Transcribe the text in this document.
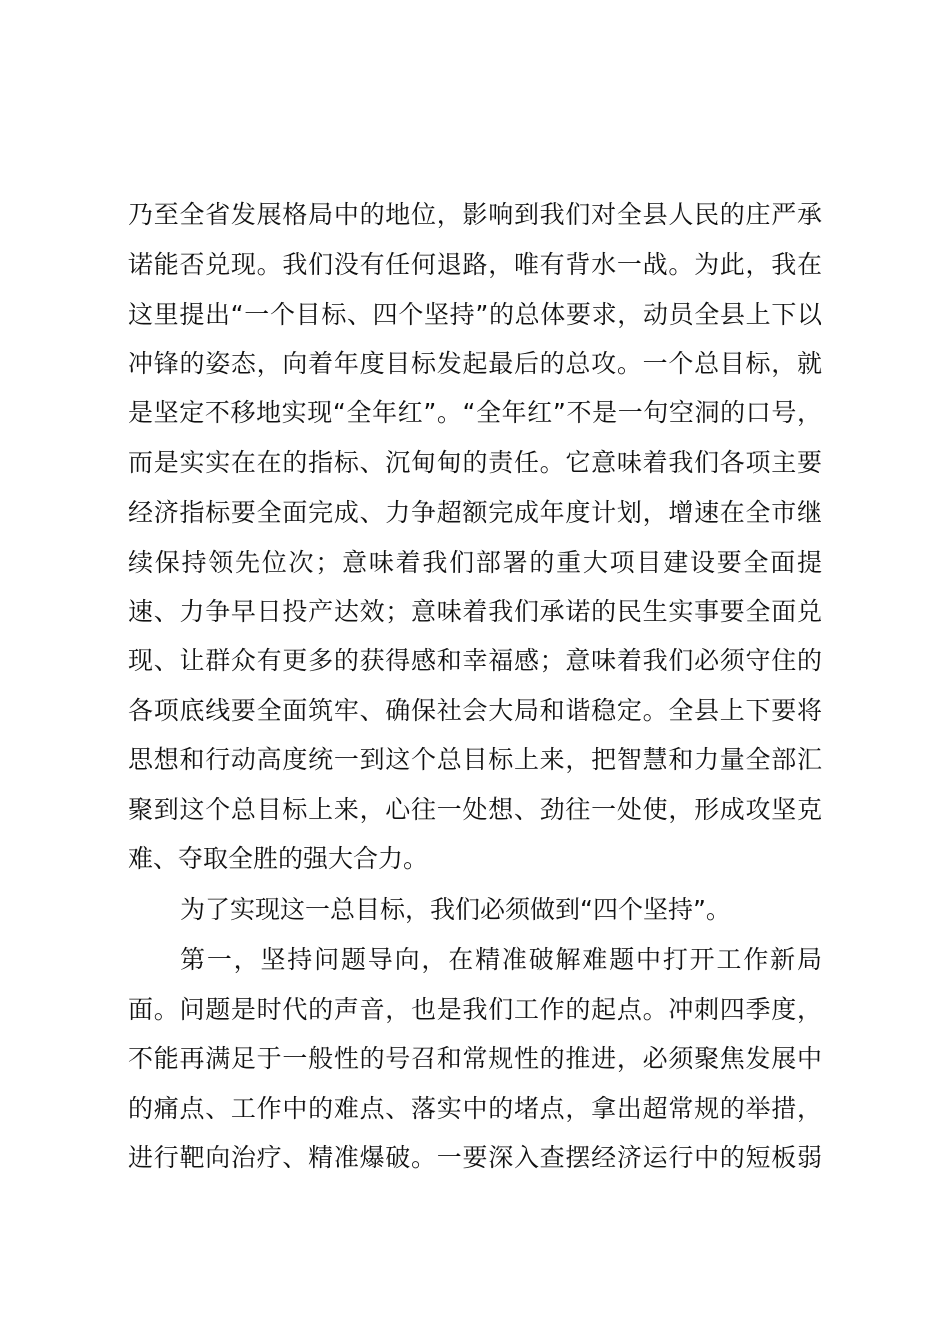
乃至全省发展格局中的地位，影响到我们对全县人民的庄严承
诺能否兑现。我们没有任何退路，唯有背水一战。为此，我在
这里提出“一个目标、四个坚持”的总体要求，动员全县上下以
冲锋的姿态，向着年度目标发起最后的总攻。一个总目标，就
是坚定不移地实现“全年红”。“全年红”不是一句空洞的口号，
而是实实在在的指标、沉甸甸的责任。它意味着我们各项主要
经济指标要全面完成、力争超额完成年度计划，增速在全市继
续保持领先位次；意味着我们部署的重大项目建设要全面提
速、力争早日投产达效；意味着我们承诺的民生实事要全面兑
现、让群众有更多的获得感和幸福感；意味着我们必须守住的
各项底线要全面筑牢、确保社会大局和谐稳定。全县上下要将
思想和行动高度统一到这个总目标上来，把智慧和力量全部汇
聚到这个总目标上来，心往一处想、劲往一处使，形成攻坚克
难、夺取全胜的强大合力。
为了实现这一总目标，我们必须做到“四个坚持”。
第一，坚持问题导向，在精准破解难题中打开工作新局
面。问题是时代的声音，也是我们工作的起点。冲刺四季度，
不能再满足于一般性的号召和常规性的推进，必须聚焦发展中
的痛点、工作中的难点、落实中的堵点，拿出超常规的举措，
进行靶向治疗、精准爆破。一要深入查摆经济运行中的短板弱
